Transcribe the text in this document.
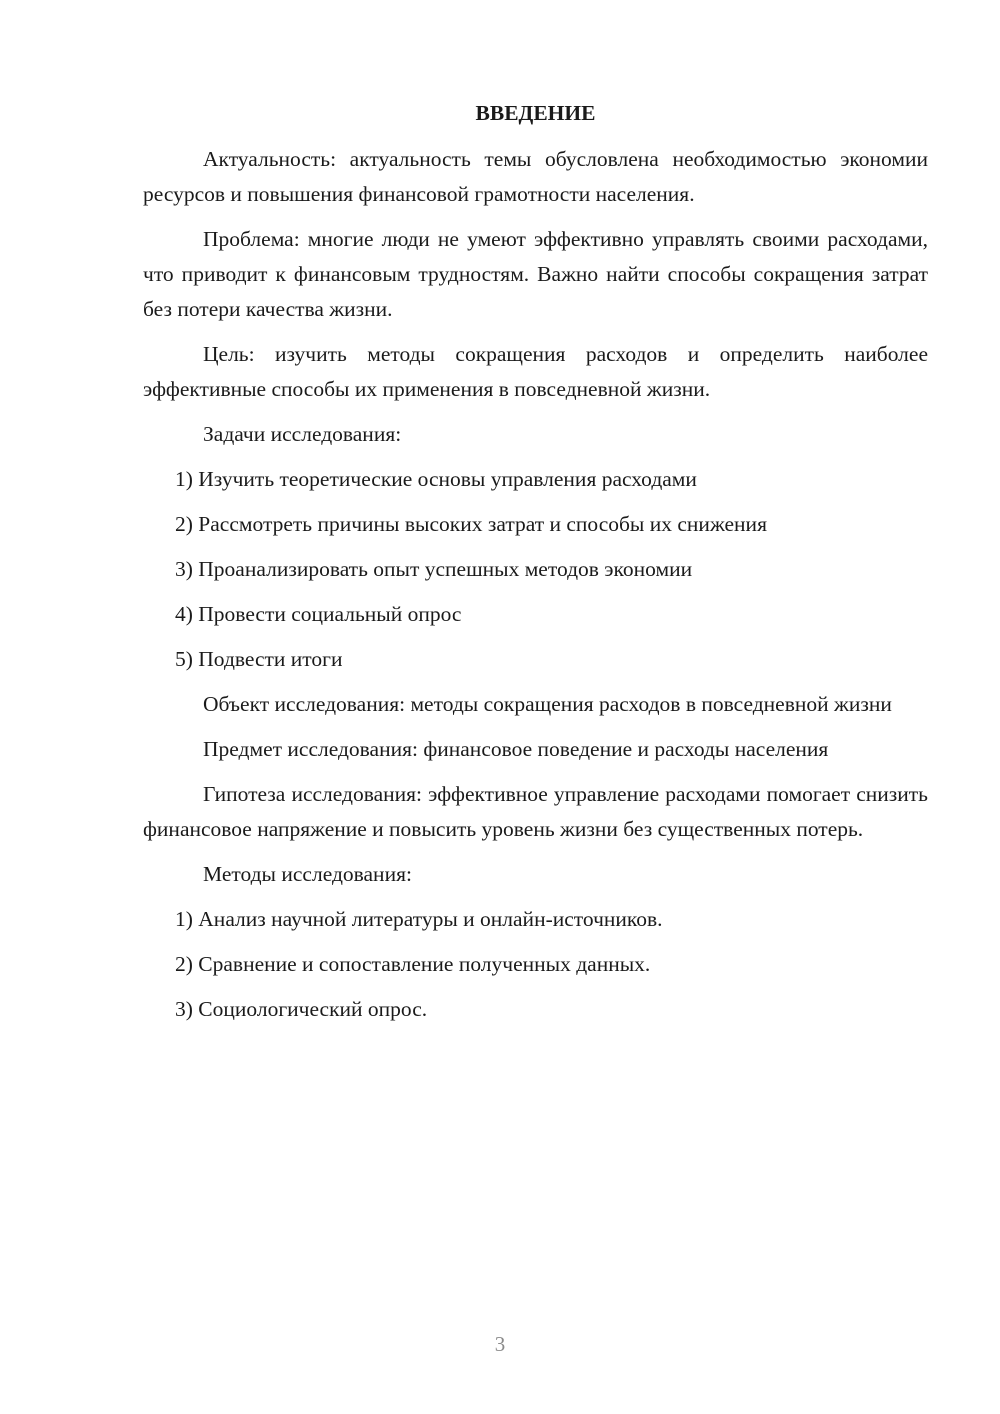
ВВЕДЕНИЕ

Актуальность: актуальность темы обусловлена необходимостью экономии ресурсов и повышения финансовой грамотности населения.

Проблема: многие люди не умеют эффективно управлять своими расходами, что приводит к финансовым трудностям. Важно найти способы сокращения затрат без потери качества жизни.

Цель: изучить методы сокращения расходов и определить наиболее эффективные способы их применения в повседневной жизни.

Задачи исследования:

1) Изучить теоретические основы управления расходами

2) Рассмотреть причины высоких затрат и способы их снижения

3) Проанализировать опыт успешных методов экономии

4) Провести социальный опрос

5) Подвести итоги

Объект исследования: методы сокращения расходов в повседневной жизни

Предмет исследования: финансовое поведение и расходы населения

Гипотеза исследования: эффективное управление расходами помогает снизить финансовое напряжение и повысить уровень жизни без существенных потерь.

Методы исследования:

1) Анализ научной литературы и онлайн-источников.

2) Сравнение и сопоставление полученных данных.

3) Социологический опрос.

3
